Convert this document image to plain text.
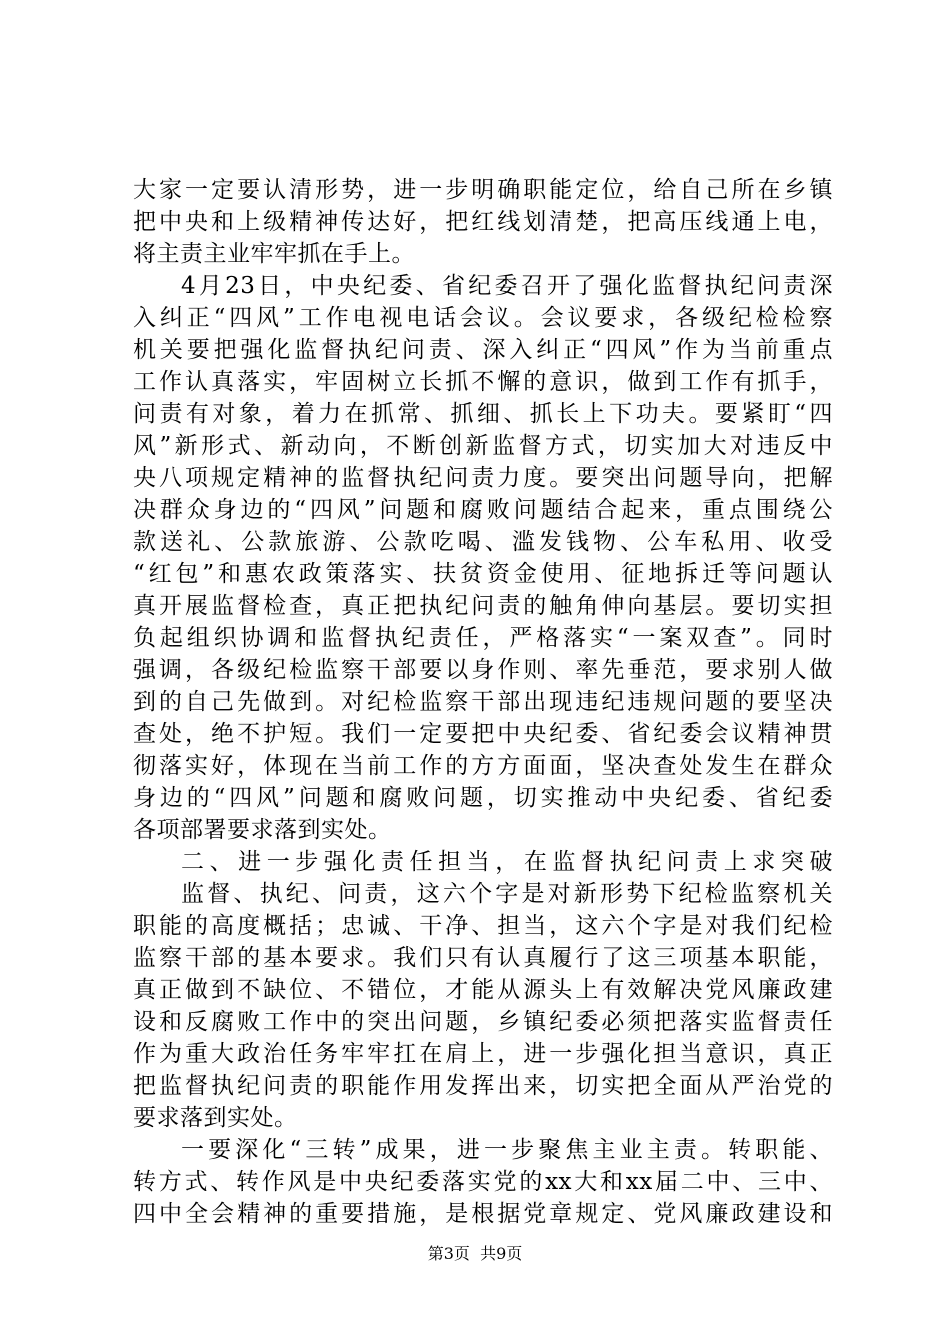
大家一定要认清形势，进一步明确职能定位，给自己所在乡镇
把中央和上级精神传达好，把红线划清楚，把高压线通上电，
将主责主业牢牢抓在手上。
4月23日，中央纪委、省纪委召开了强化监督执纪问责深
入纠正“四风”工作电视电话会议。会议要求，各级纪检检察
机关要把强化监督执纪问责、深入纠正“四风”作为当前重点
工作认真落实，牢固树立长抓不懈的意识，做到工作有抓手，
问责有对象，着力在抓常、抓细、抓长上下功夫。要紧盯“四
风”新形式、新动向，不断创新监督方式，切实加大对违反中
央八项规定精神的监督执纪问责力度。要突出问题导向，把解
决群众身边的“四风”问题和腐败问题结合起来，重点围绕公
款送礼、公款旅游、公款吃喝、滥发钱物、公车私用、收受
“红包”和惠农政策落实、扶贫资金使用、征地拆迁等问题认
真开展监督检查，真正把执纪问责的触角伸向基层。要切实担
负起组织协调和监督执纪责任，严格落实“一案双查”。同时
强调，各级纪检监察干部要以身作则、率先垂范，要求别人做
到的自己先做到。对纪检监察干部出现违纪违规问题的要坚决
查处，绝不护短。我们一定要把中央纪委、省纪委会议精神贯
彻落实好，体现在当前工作的方方面面，坚决查处发生在群众
身边的“四风”问题和腐败问题，切实推动中央纪委、省纪委
各项部署要求落到实处。
二、进一步强化责任担当，在监督执纪问责上求突破
监督、执纪、问责，这六个字是对新形势下纪检监察机关
职能的高度概括；忠诚、干净、担当，这六个字是对我们纪检
监察干部的基本要求。我们只有认真履行了这三项基本职能，
真正做到不缺位、不错位，才能从源头上有效解决党风廉政建
设和反腐败工作中的突出问题，乡镇纪委必须把落实监督责任
作为重大政治任务牢牢扛在肩上，进一步强化担当意识，真正
把监督执纪问责的职能作用发挥出来，切实把全面从严治党的
要求落到实处。
一要深化“三转”成果，进一步聚焦主业主责。转职能、
转方式、转作风是中央纪委落实党的xx大和xx届二中、三中、
四中全会精神的重要措施，是根据党章规定、党风廉政建设和
第3页  共9页
